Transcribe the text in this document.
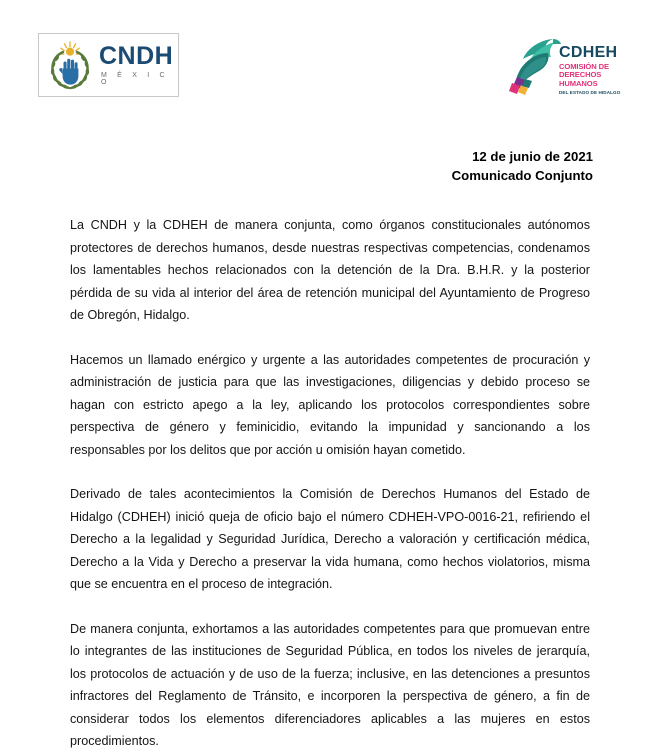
CNDH
M É X I C O
CDHEH
COMISIÓN DE
DERECHOS
HUMANOS
DEL ESTADO DE HIDALGO
12 de junio de 2021
Comunicado Conjunto

La CNDH y la CDHEH de manera conjunta, como órganos constitucionales autónomos protectores de derechos humanos, desde nuestras respectivas competencias, condenamos los lamentables hechos relacionados con la detención de la Dra. B.H.R. y la posterior pérdida de su vida al interior del área de retención municipal del Ayuntamiento de Progreso de Obregón, Hidalgo.

Hacemos un llamado enérgico y urgente a las autoridades competentes de procuración y administración de justicia para que las investigaciones, diligencias y debido proceso se hagan con estricto apego a la ley, aplicando los protocolos correspondientes sobre perspectiva de género y feminicidio, evitando la impunidad y sancionando a los responsables por los delitos que por acción u omisión hayan cometido.

Derivado de tales acontecimientos la Comisión de Derechos Humanos del Estado de Hidalgo (CDHEH) inició queja de oficio bajo el número CDHEH-VPO-0016-21, refiriendo el Derecho a la legalidad y Seguridad Jurídica, Derecho a valoración y certificación médica, Derecho a la Vida y Derecho a preservar la vida humana, como hechos violatorios, misma que se encuentra en el proceso de integración.

De manera conjunta, exhortamos a las autoridades competentes para que promuevan entre lo integrantes de las instituciones de Seguridad Pública, en todos los niveles de jerarquía, los protocolos de actuación y de uso de la fuerza; inclusive, en las detenciones a presuntos infractores del Reglamento de Tránsito, e incorporen la perspectiva de género, a fin de considerar todos los elementos diferenciadores aplicables a las mujeres en estos procedimientos.
